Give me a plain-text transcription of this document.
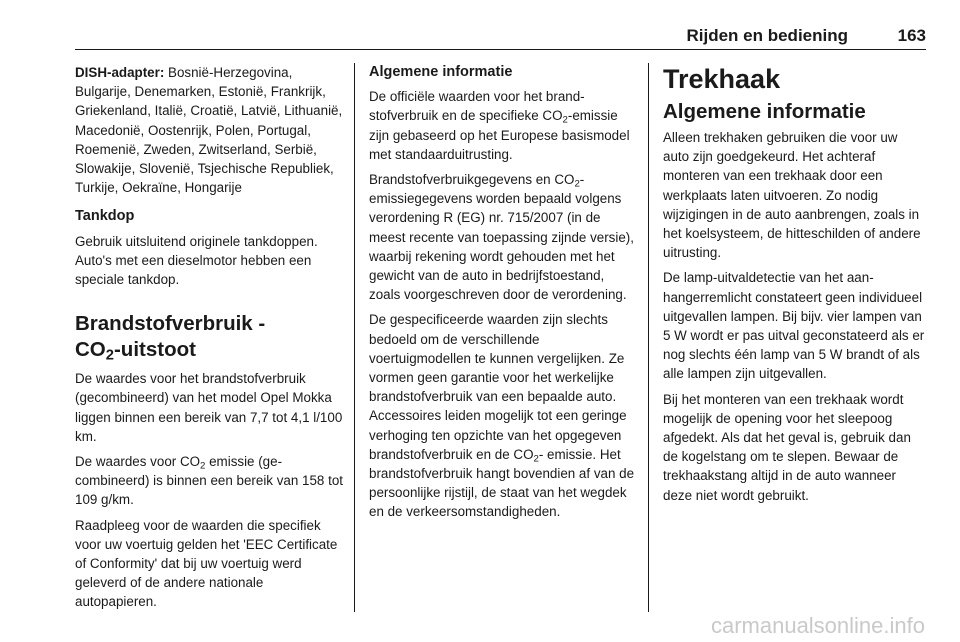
Rijden en bediening	163

DISH-adapter: Bosnië-Herzegovina, Bulgarije, Denemarken, Estonië, Frankrijk, Griekenland, Italië, Croatië, Latvië, Lithuanië, Macedonië, Oostenrijk, Polen, Portugal, Roemenië, Zweden, Zwitserland, Serbië, Slowakije, Slovenië, Tsjechische Republiek, Turkije, Oekraïne, Hongarije

Tankdop

Gebruik uitsluitend originele tankdoppen. Auto's met een dieselmotor hebben een speciale tankdop.

Brandstofverbruik -
$CO_2$-uitstoot

De waardes voor het brandstofverbruik (gecombineerd) van het model Opel Mokka liggen binnen een bereik van 7,7 tot 4,1 l/100 km.

De waardes voor $CO_2$ emissie (gecombineerd) is binnen een bereik van 158 tot 109 g/km.

Raadpleeg voor de waarden die specifiek voor uw voertuig gelden het 'EEC Certificate of Conformity' dat bij uw voertuig werd geleverd of de andere nationale autopapieren.

Algemene informatie

De officiële waarden voor het brandstofverbruik en de specifieke $CO_2$-emissie zijn gebaseerd op het Europese basismodel met standaarduitrusting.

Brandstofverbruikgegevens en $CO_2$-emissiegegevens worden bepaald volgens verordening R (EG) nr. 715/2007 (in de meest recente van toepassing zijnde versie), waarbij rekening wordt gehouden met het gewicht van de auto in bedrijfstoestand, zoals voorgeschreven door de verordening.

De gespecificeerde waarden zijn slechts bedoeld om de verschillende voertuigmodellen te kunnen vergelijken. Ze vormen geen garantie voor het werkelijke brandstofverbruik van een bepaalde auto. Accessoires leiden mogelijk tot een geringe verhoging ten opzichte van het opgegeven brandstofverbruik en de $CO_2-$ emissie. Het brandstofverbruik hangt bovendien af van de persoonlijke rijstijl, de staat van het wegdek en de verkeersomstandigheden.

Trekhaak
Algemene informatie

Alleen trekhaken gebruiken die voor uw auto zijn goedgekeurd. Het achteraf monteren van een trekhaak door een werkplaats laten uitvoeren. Zo nodig wijzigingen in de auto aanbrengen, zoals in het koelsysteem, de hitteschilden of andere uitrusting.

De lamp-uitvaldetectie van het aanhangerremlicht constateert geen individueel uitgevallen lampen. Bij bijv. vier lampen van 5 W wordt er pas uitval geconstateerd als er nog slechts één lamp van 5 W brandt of als alle lampen zijn uitgevallen.

Bij het monteren van een trekhaak wordt mogelijk de opening voor het sleepoog afgedekt. Als dat het geval is, gebruik dan de kogelstang om te slepen. Bewaar de trekhaakstang altijd in de auto wanneer deze niet wordt gebruikt.

carmanualsonline.info
